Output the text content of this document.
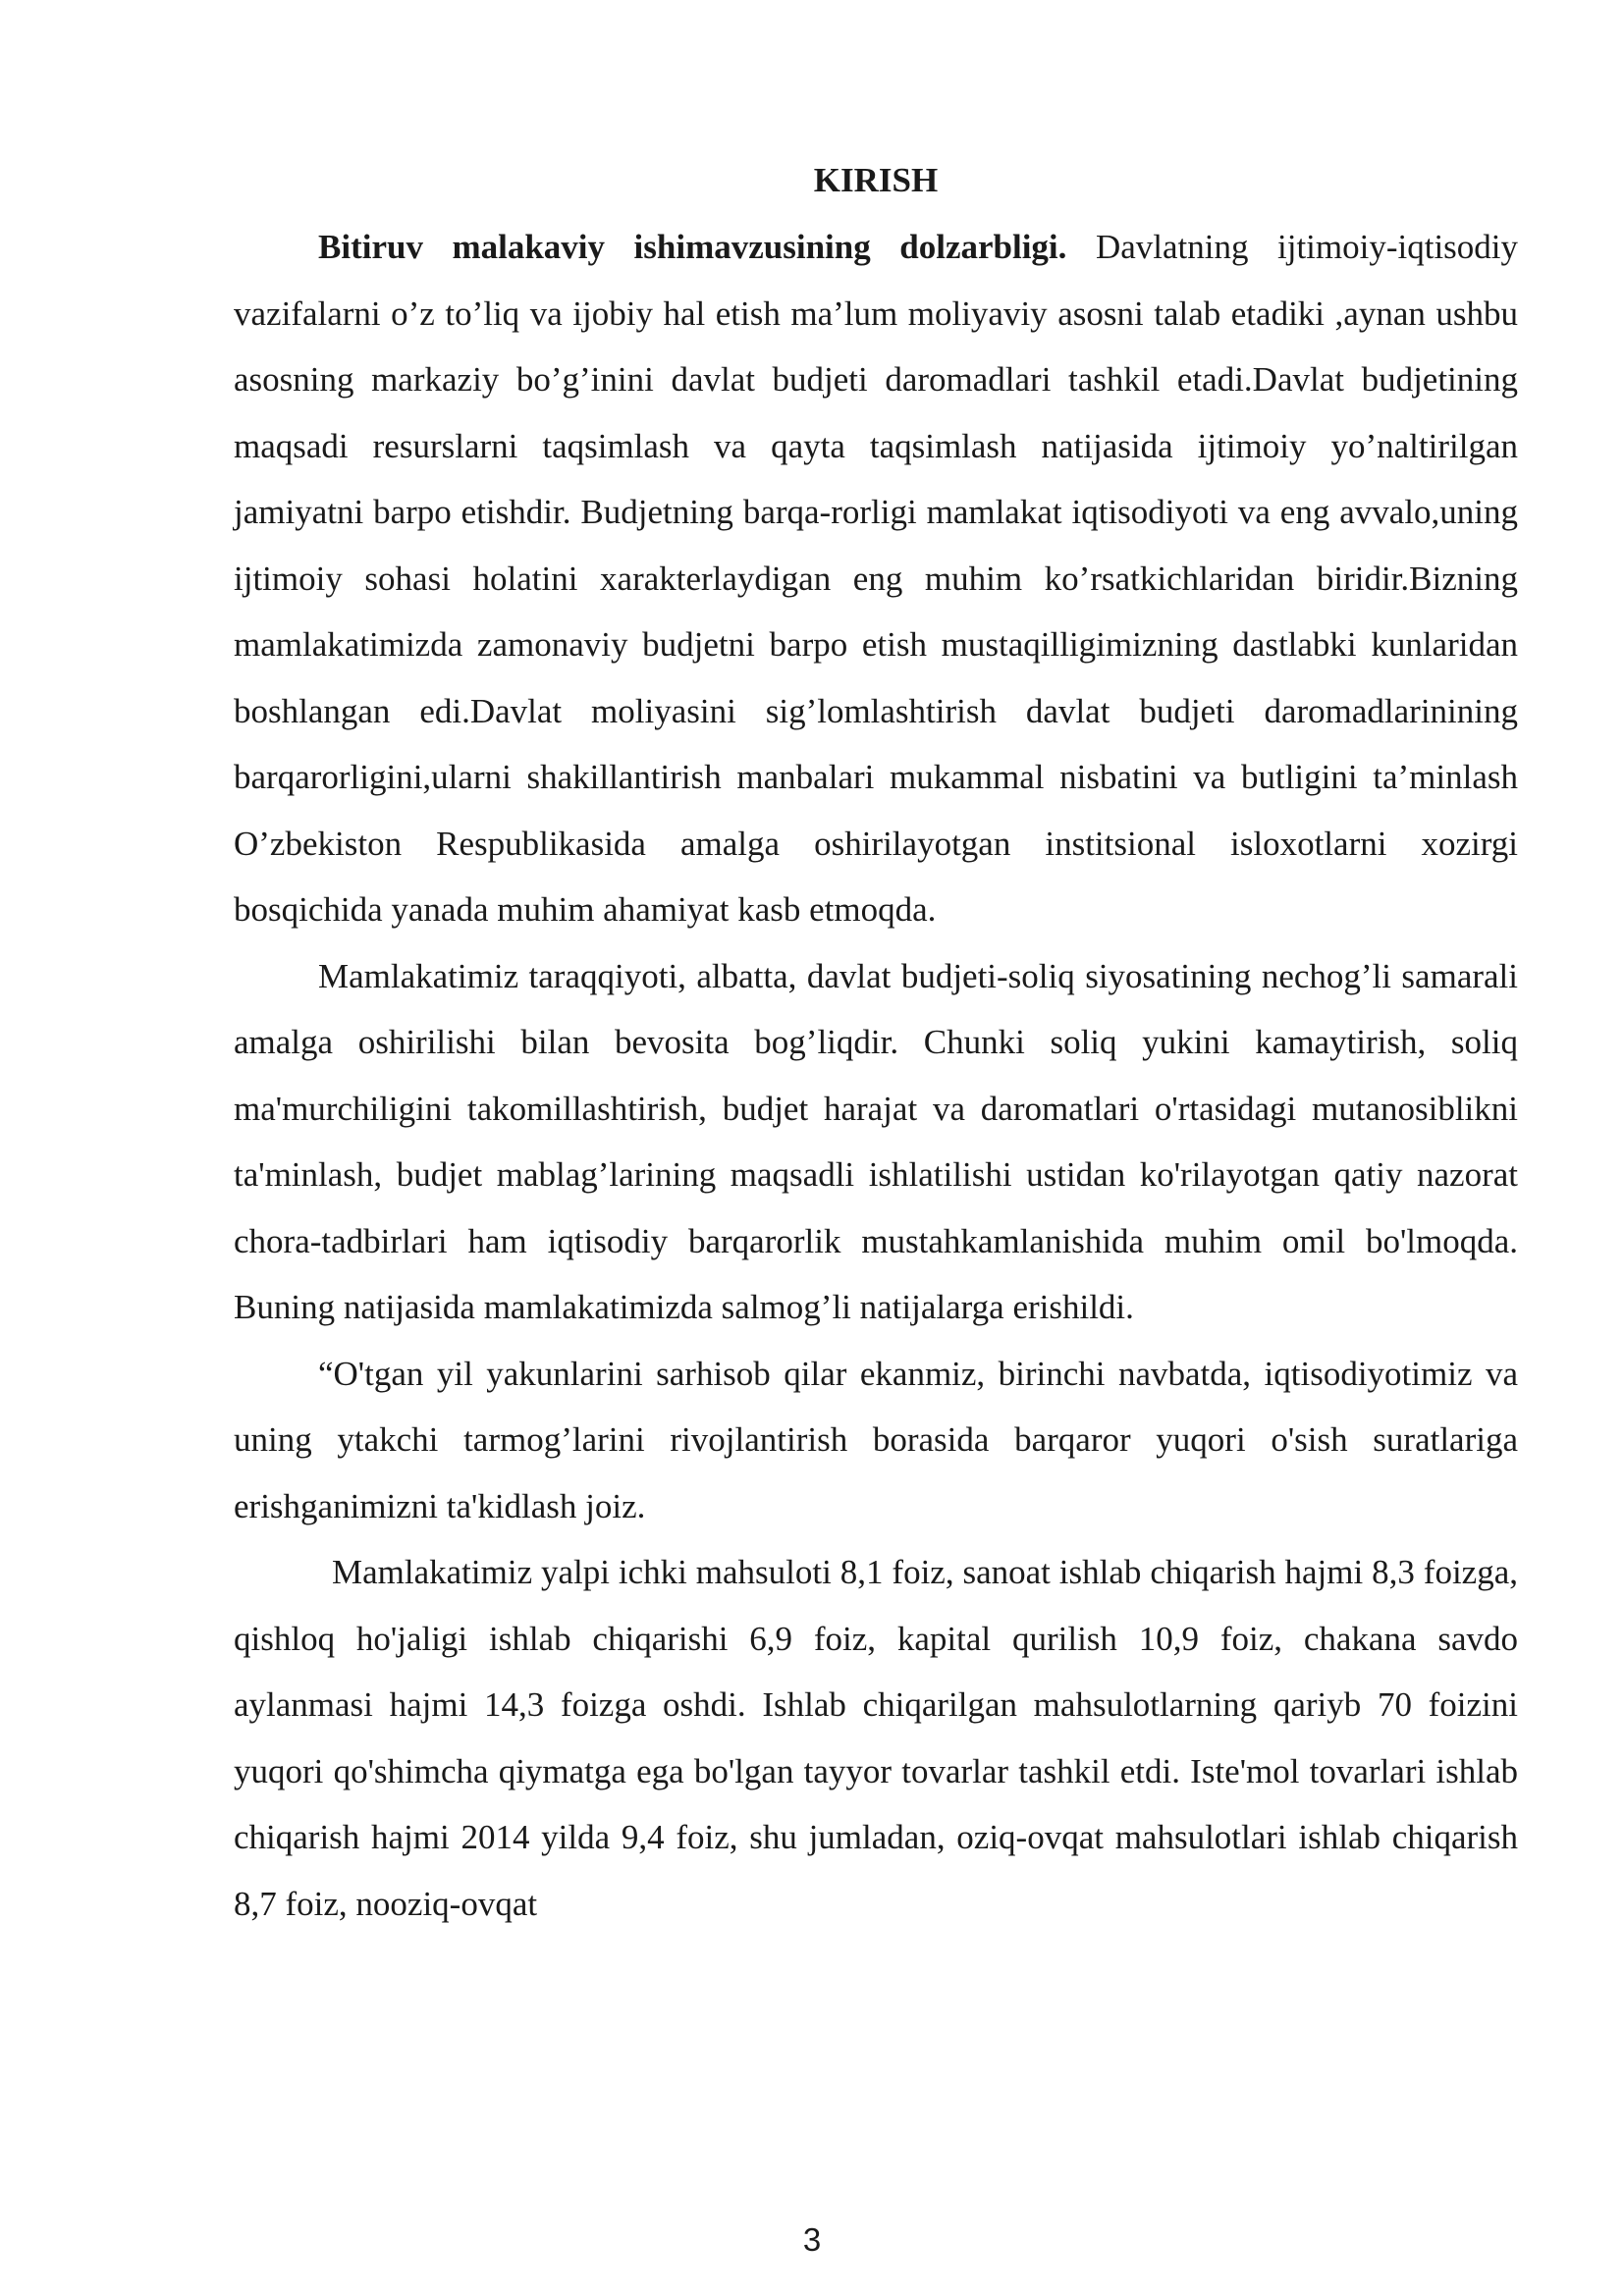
KIRISH

Bitiruv malakaviy ishimavzusining dolzarbligi. Davlatning ijtimoiy-iqtisodiy vazifalarni o’z to’liq va ijobiy hal etish ma’lum moliyaviy asosni talab etadiki ,aynan ushbu asosning markaziy bo’g’inini davlat budjeti daromadlari tashkil etadi.Davlat budjetining maqsadi resurslarni taqsimlash va qayta taqsimlash natijasida ijtimoiy yo’naltirilgan jamiyatni barpo etishdir. Budjetning barqa-rorligi mamlakat iqtisodiyoti va eng avvalo,uning ijtimoiy sohasi holatini xarakterlaydigan eng muhim ko’rsatkichlaridan biridir.Bizning mamlakatimizda zamonaviy budjetni barpo etish mustaqilligimizning dastlabki kunlaridan boshlangan edi.Davlat moliyasini sig’lomlashtirish davlat budjeti daromadlarinining barqarorligini,ularni shakillantirish manbalari mukammal nisbatini va butligini ta’minlash O’zbekiston Respublikasida amalga oshirilayotgan institsional isloxotlarni xozirgi bosqichida yanada muhim ahamiyat kasb etmoqda.

Mamlakatimiz taraqqiyoti, albatta, davlat budjeti-soliq siyosatining nechog’li samarali amalga oshirilishi bilan bevosita bog’liqdir. Chunki soliq yukini kamaytirish, soliq ma'murchiligini takomillashtirish, budjet harajat va daromatlari o'rtasidagi mutanosiblikni ta'minlash, budjet mablag’larining maqsadli ishlatilishi ustidan ko'rilayotgan qatiy nazorat chora-tadbirlari ham iqtisodiy barqarorlik mustahkamlanishida muhim omil bo'lmoqda. Buning natijasida mamlakatimizda salmog’li natijalarga erishildi.

“O'tgan yil yakunlarini sarhisob qilar ekanmiz, birinchi navbatda, iqtisodiyotimiz va uning ytakchi tarmog’larini rivojlantirish borasida barqaror yuqori o'sish suratlariga erishganimizni ta'kidlash joiz.

Mamlakatimiz yalpi ichki mahsuloti 8,1 foiz, sanoat ishlab chiqarish hajmi 8,3 foizga, qishloq ho'jaligi ishlab chiqarishi 6,9 foiz, kapital qurilish 10,9 foiz, chakana savdo aylanmasi hajmi 14,3 foizga oshdi. Ishlab chiqarilgan mahsulotlarning qariyb 70 foizini yuqori qo'shimcha qiymatga ega bo'lgan tayyor tovarlar tashkil etdi. Iste'mol tovarlari ishlab chiqarish hajmi 2014 yilda 9,4 foiz, shu jumladan, oziq-ovqat mahsulotlari ishlab chiqarish 8,7 foiz, nooziq-ovqat

3
